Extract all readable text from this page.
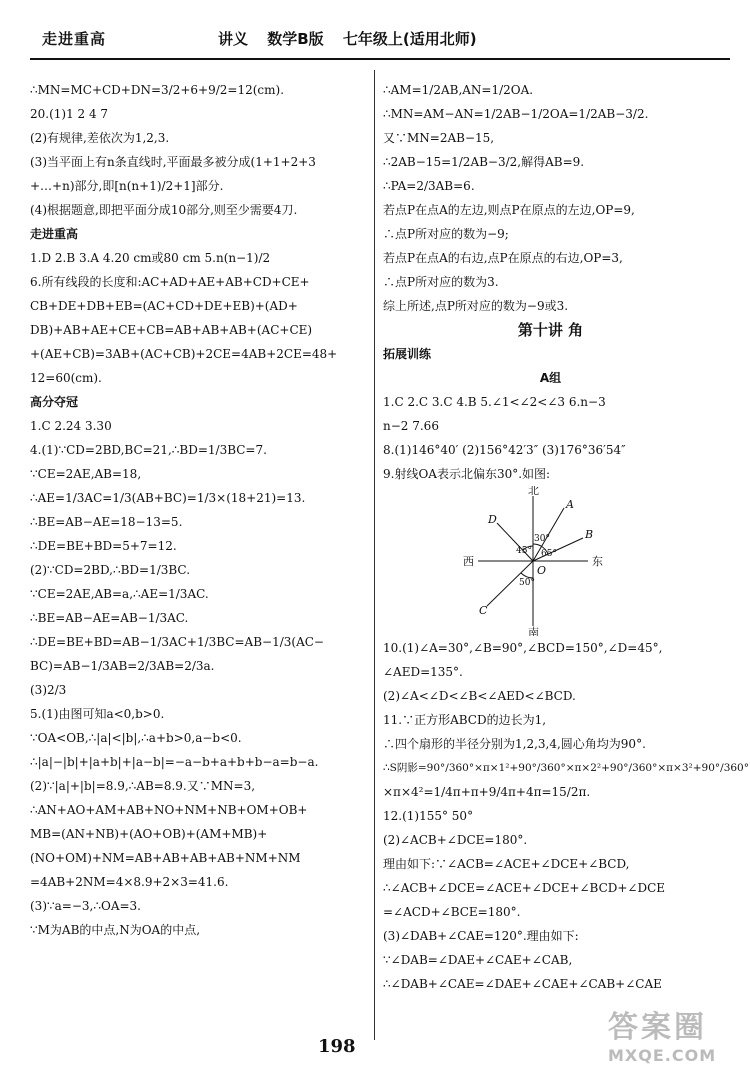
走进重高	讲义 数学B版 七年级上(适用北师)
∴MN=MC+CD+DN=3/2+6+9/2=12(cm).
20.(1)1 2 4 7
(2)有规律,差依次为1,2,3.
(3)当平面上有n条直线时,平面最多被分成(1+1+2+3
+…+n)部分,即[n(n+1)/2+1]部分.
(4)根据题意,即把平面分成10部分,则至少需要4刀.
走进重高
1.D 2.B 3.A 4.20 cm或80 cm 5.n(n−1)/2
6.所有线段的长度和:AC+AD+AE+AB+CD+CE+
CB+DE+DB+EB=(AC+CD+DE+EB)+(AD+
DB)+AB+AE+CE+CB=AB+AB+AB+(AC+CE)
+(AE+CB)=3AB+(AC+CB)+2CE=4AB+2CE=48+
12=60(cm).
高分夺冠
1.C 2.24 3.30
4.(1)∵CD=2BD,BC=21,∴BD=1/3BC=7.
∵CE=2AE,AB=18,
∴AE=1/3AC=1/3(AB+BC)=1/3×(18+21)=13.
∴BE=AB−AE=18−13=5.
∴DE=BE+BD=5+7=12.
(2)∵CD=2BD,∴BD=1/3BC.
∵CE=2AE,AB=a,∴AE=1/3AC.
∴BE=AB−AE=AB−1/3AC.
∴DE=BE+BD=AB−1/3AC+1/3BC=AB−1/3(AC−
BC)=AB−1/3AB=2/3AB=2/3a.
(3)2/3
5.(1)由图可知a<0,b>0.
∵OA<OB,∴|a|<|b|,∴a+b>0,a−b<0.
∴|a|−|b|+|a+b|+|a−b|=−a−b+a+b+b−a=b−a.
(2)∵|a|+|b|=8.9,∴AB=8.9.又∵MN=3,
∴AN+AO+AM+AB+NO+NM+NB+OM+OB+
MB=(AN+NB)+(AO+OB)+(AM+MB)+
(NO+OM)+NM=AB+AB+AB+AB+NM+NM
=4AB+2NM=4×8.9+2×3=41.6.
(3)∵a=−3,∴OA=3.
∵M为AB的中点,N为OA的中点,
∴AM=1/2AB,AN=1/2OA.
∴MN=AM−AN=1/2AB−1/2OA=1/2AB−3/2.
又∵MN=2AB−15,
∴2AB−15=1/2AB−3/2,解得AB=9.
∴PA=2/3AB=6.
若点P在点A的左边,则点P在原点的左边,OP=9,
∴点P所对应的数为−9;
若点P在点A的右边,点P在原点的右边,OP=3,
∴点P所对应的数为3.
综上所述,点P所对应的数为−9或3.
第十讲 角
拓展训练
A组
1.C 2.C 3.C 4.B 5.∠1<∠2<∠3 6.n−3
n−2 7.66
8.(1)146°40′ (2)156°42′3″ (3)176°36′54″
9.射线OA表示北偏东30°.如图:
北
南
东
西
A
B
C
D
O
30°
45° 65°
50°
10.(1)∠A=30°,∠B=90°,∠BCD=150°,∠D=45°,
∠AED=135°.
(2)∠A<∠D<∠B<∠AED<∠BCD.
11.∵正方形ABCD的边长为1,
∴四个扇形的半径分别为1,2,3,4,圆心角均为90°.
∴S阴影=90°/360°×π×1²+90°/360°×π×2²+90°/360°×π×3²+90°/360°
×π×4²=1/4π+π+9/4π+4π=15/2π.
12.(1)155° 50°
(2)∠ACB+∠DCE=180°.
理由如下:∵∠ACB=∠ACE+∠DCE+∠BCD,
∴∠ACB+∠DCE=∠ACE+∠DCE+∠BCD+∠DCE
=∠ACD+∠BCE=180°.
(3)∠DAB+∠CAE=120°.理由如下:
∵∠DAB=∠DAE+∠CAE+∠CAB,
∴∠DAB+∠CAE=∠DAE+∠CAE+∠CAB+∠CAE
198
答案圈
MXQE.COM
